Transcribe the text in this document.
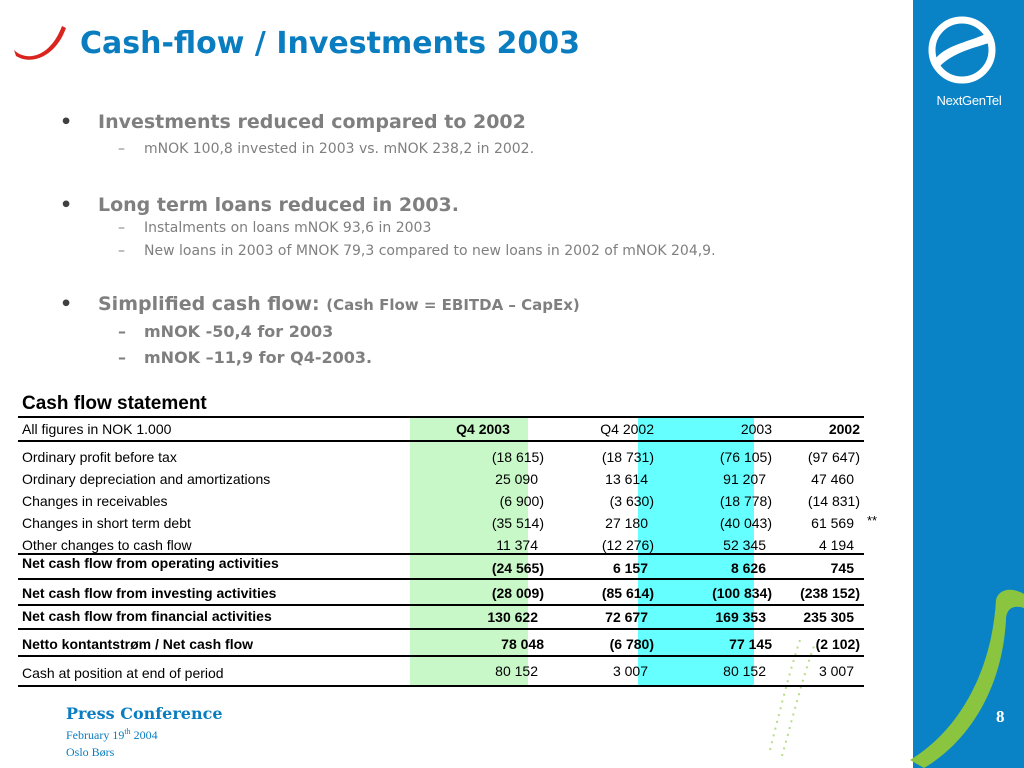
NextGenTel
Cash-flow / Investments 2003
• Investments reduced compared to 2002
– mNOK 100,8 invested in 2003 vs. mNOK 238,2 in 2002.
• Long term loans reduced in 2003.
– Instalments on loans mNOK 93,6 in 2003
– New loans in 2003 of MNOK 79,3 compared to new loans in 2002 of mNOK 204,9.
• Simplified cash flow: (Cash Flow = EBITDA – CapEx)
– mNOK -50,4 for 2003
– mNOK –11,9 for Q4-2003.
Cash flow statement
All figures in NOK 1.000	Q4 2003	Q4 2002	2003	2002
Ordinary profit before tax	(18 615)	(18 731)	(76 105)	(97 647)
Ordinary depreciation and amortizations	25 090	13 614	91 207	47 460
Changes in receivables	(6 900)	(3 630)	(18 778)	(14 831)
Changes in short term debt	(35 514)	27 180	(40 043)	61 569	**
Other changes to cash flow	11 374	(12 276)	52 345	4 194
Net cash flow from operating activities	(24 565)	6 157	8 626	745
Net cash flow from investing activities	(28 009)	(85 614)	(100 834)	(238 152)
Net cash flow from financial activities	130 622	72 677	169 353	235 305
Netto kontantstrøm / Net cash flow	78 048	(6 780)	77 145	(2 102)
Cash at position at end of period	80 152	3 007	80 152	3 007
Press Conference
February 19th 2004
Oslo Børs
8
